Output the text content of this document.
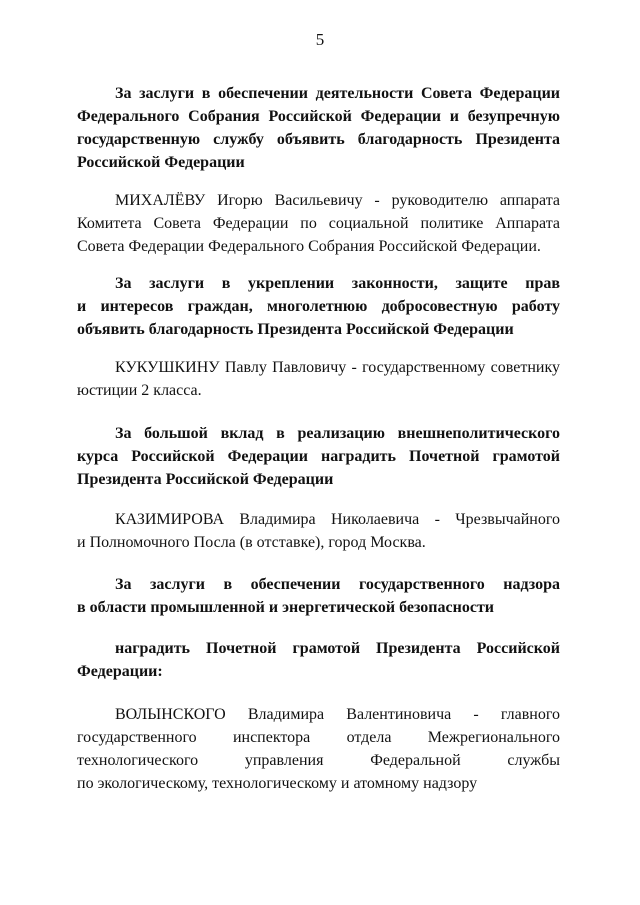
5
За заслуги в обеспечении деятельности Совета Федерации
Федерального Собрания Российской Федерации и безупречную
государственную службу объявить благодарность Президента
Российской Федерации
МИХАЛЁВУ Игорю Васильевичу - руководителю аппарата
Комитета Совета Федерации по социальной политике Аппарата
Совета Федерации Федерального Собрания Российской Федерации.
За заслуги в укреплении законности, защите прав
и интересов граждан, многолетнюю добросовестную работу
объявить благодарность Президента Российской Федерации
КУКУШКИНУ Павлу Павловичу - государственному советнику
юстиции 2 класса.
За большой вклад в реализацию внешнеполитического
курса Российской Федерации наградить Почетной грамотой
Президента Российской Федерации
КАЗИМИРОВА Владимира Николаевича - Чрезвычайного
и Полномочного Посла (в отставке), город Москва.
За заслуги в обеспечении государственного надзора
в области промышленной и энергетической безопасности
наградить Почетной грамотой Президента Российской
Федерации:
ВОЛЫНСКОГО Владимира Валентиновича - главного
государственного инспектора отдела Межрегионального
технологического управления Федеральной службы
по экологическому, технологическому и атомному надзору
